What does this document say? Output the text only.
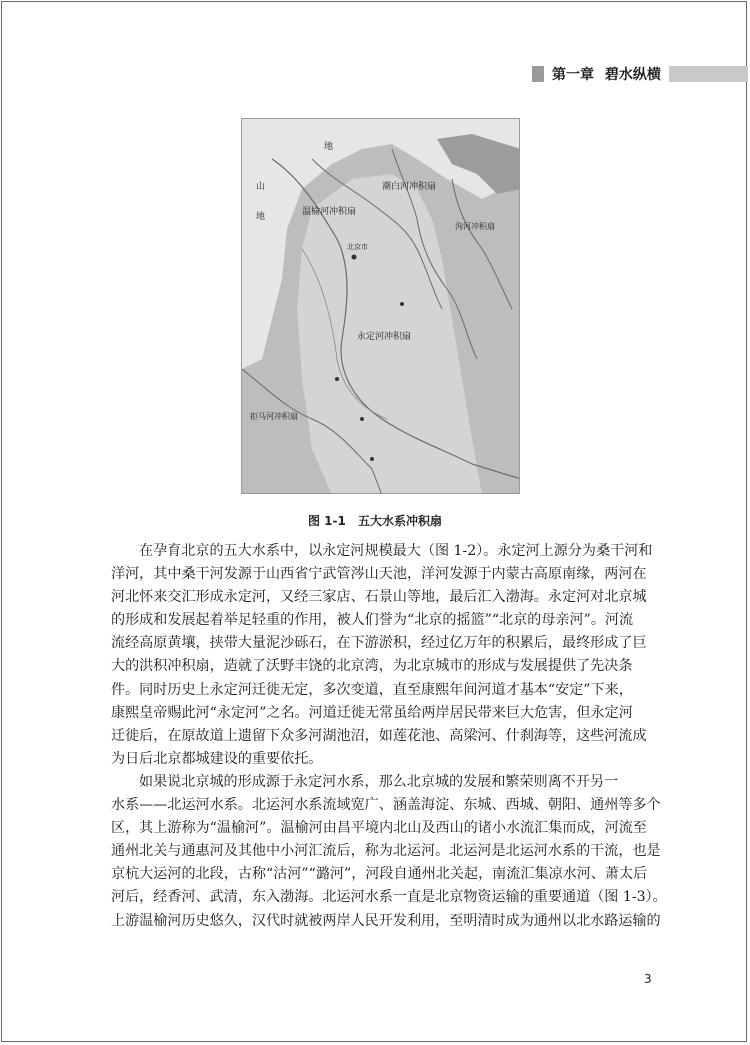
第一章 碧水纵横
山
地
地
温榆河冲积扇
潮白河冲积扇
北京市
泃河冲积扇
永定河冲积扇
拒马河冲积扇
图 1-1 五大水系冲积扇
在孕育北京的五大水系中，以永定河规模最大（图 1-2）。永定河上源分为桑干河和
洋河，其中桑干河发源于山西省宁武管涔山天池，洋河发源于内蒙古高原南缘，两河在
河北怀来交汇形成永定河，又经三家店、石景山等地，最后汇入渤海。永定河对北京城
的形成和发展起着举足轻重的作用，被人们誉为“北京的摇篮”“北京的母亲河”。河流
流经高原黄壤，挟带大量泥沙砾石，在下游淤积，经过亿万年的积累后，最终形成了巨
大的洪积冲积扇，造就了沃野丰饶的北京湾，为北京城市的形成与发展提供了先决条
件。同时历史上永定河迁徙无定，多次变道，直至康熙年间河道才基本“安定”下来，
康熙皇帝赐此河“永定河”之名。河道迁徙无常虽给两岸居民带来巨大危害，但永定河
迁徙后，在原故道上遗留下众多河湖池沼，如莲花池、高梁河、什刹海等，这些河流成
为日后北京都城建设的重要依托。
如果说北京城的形成源于永定河水系，那么北京城的发展和繁荣则离不开另一
水系——北运河水系。北运河水系流域宽广、涵盖海淀、东城、西城、朝阳、通州等多个
区，其上游称为“温榆河”。温榆河由昌平境内北山及西山的诸小水流汇集而成，河流至
通州北关与通惠河及其他中小河汇流后，称为北运河。北运河是北运河水系的干流，也是
京杭大运河的北段，古称“沽河”“潞河”，河段自通州北关起，南流汇集凉水河、萧太后
河后，经香河、武清，东入渤海。北运河水系一直是北京物资运输的重要通道（图 1-3）。
上游温榆河历史悠久，汉代时就被两岸人民开发利用，至明清时成为通州以北水路运输的
3
